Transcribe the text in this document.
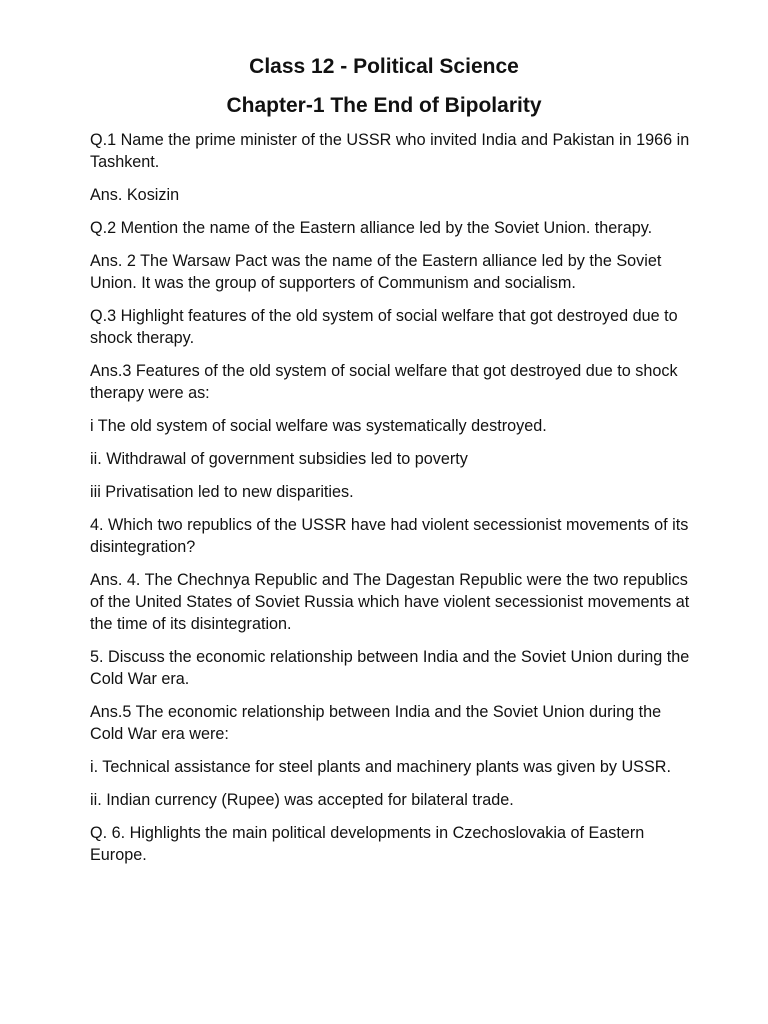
Class 12 - Political Science
Chapter-1 The End of Bipolarity

Q.1 Name the prime minister of the USSR who invited India and Pakistan in 1966 in Tashkent.

Ans. Kosizin

Q.2 Mention the name of the Eastern alliance led by the Soviet Union. therapy.

Ans. 2 The Warsaw Pact was the name of the Eastern alliance led by the Soviet Union. It was the group of supporters of Communism and socialism.

Q.3 Highlight features of the old system of social welfare that got destroyed due to shock therapy.

Ans.3 Features of the old system of social welfare that got destroyed due to shock therapy were as:

i The old system of social welfare was systematically destroyed.

ii. Withdrawal of government subsidies led to poverty

iii Privatisation led to new disparities.

4. Which two republics of the USSR have had violent secessionist movements of its disintegration?

Ans. 4. The Chechnya Republic and The Dagestan Republic were the two republics of the United States of Soviet Russia which have violent secessionist movements at the time of its disintegration.

5. Discuss the economic relationship between India and the Soviet Union during the Cold War era.

Ans.5 The economic relationship between India and the Soviet Union during the Cold War era were:

i. Technical assistance for steel plants and machinery plants was given by USSR.

ii. Indian currency (Rupee) was accepted for bilateral trade.

Q. 6. Highlights the main political developments in Czechoslovakia of Eastern Europe.
